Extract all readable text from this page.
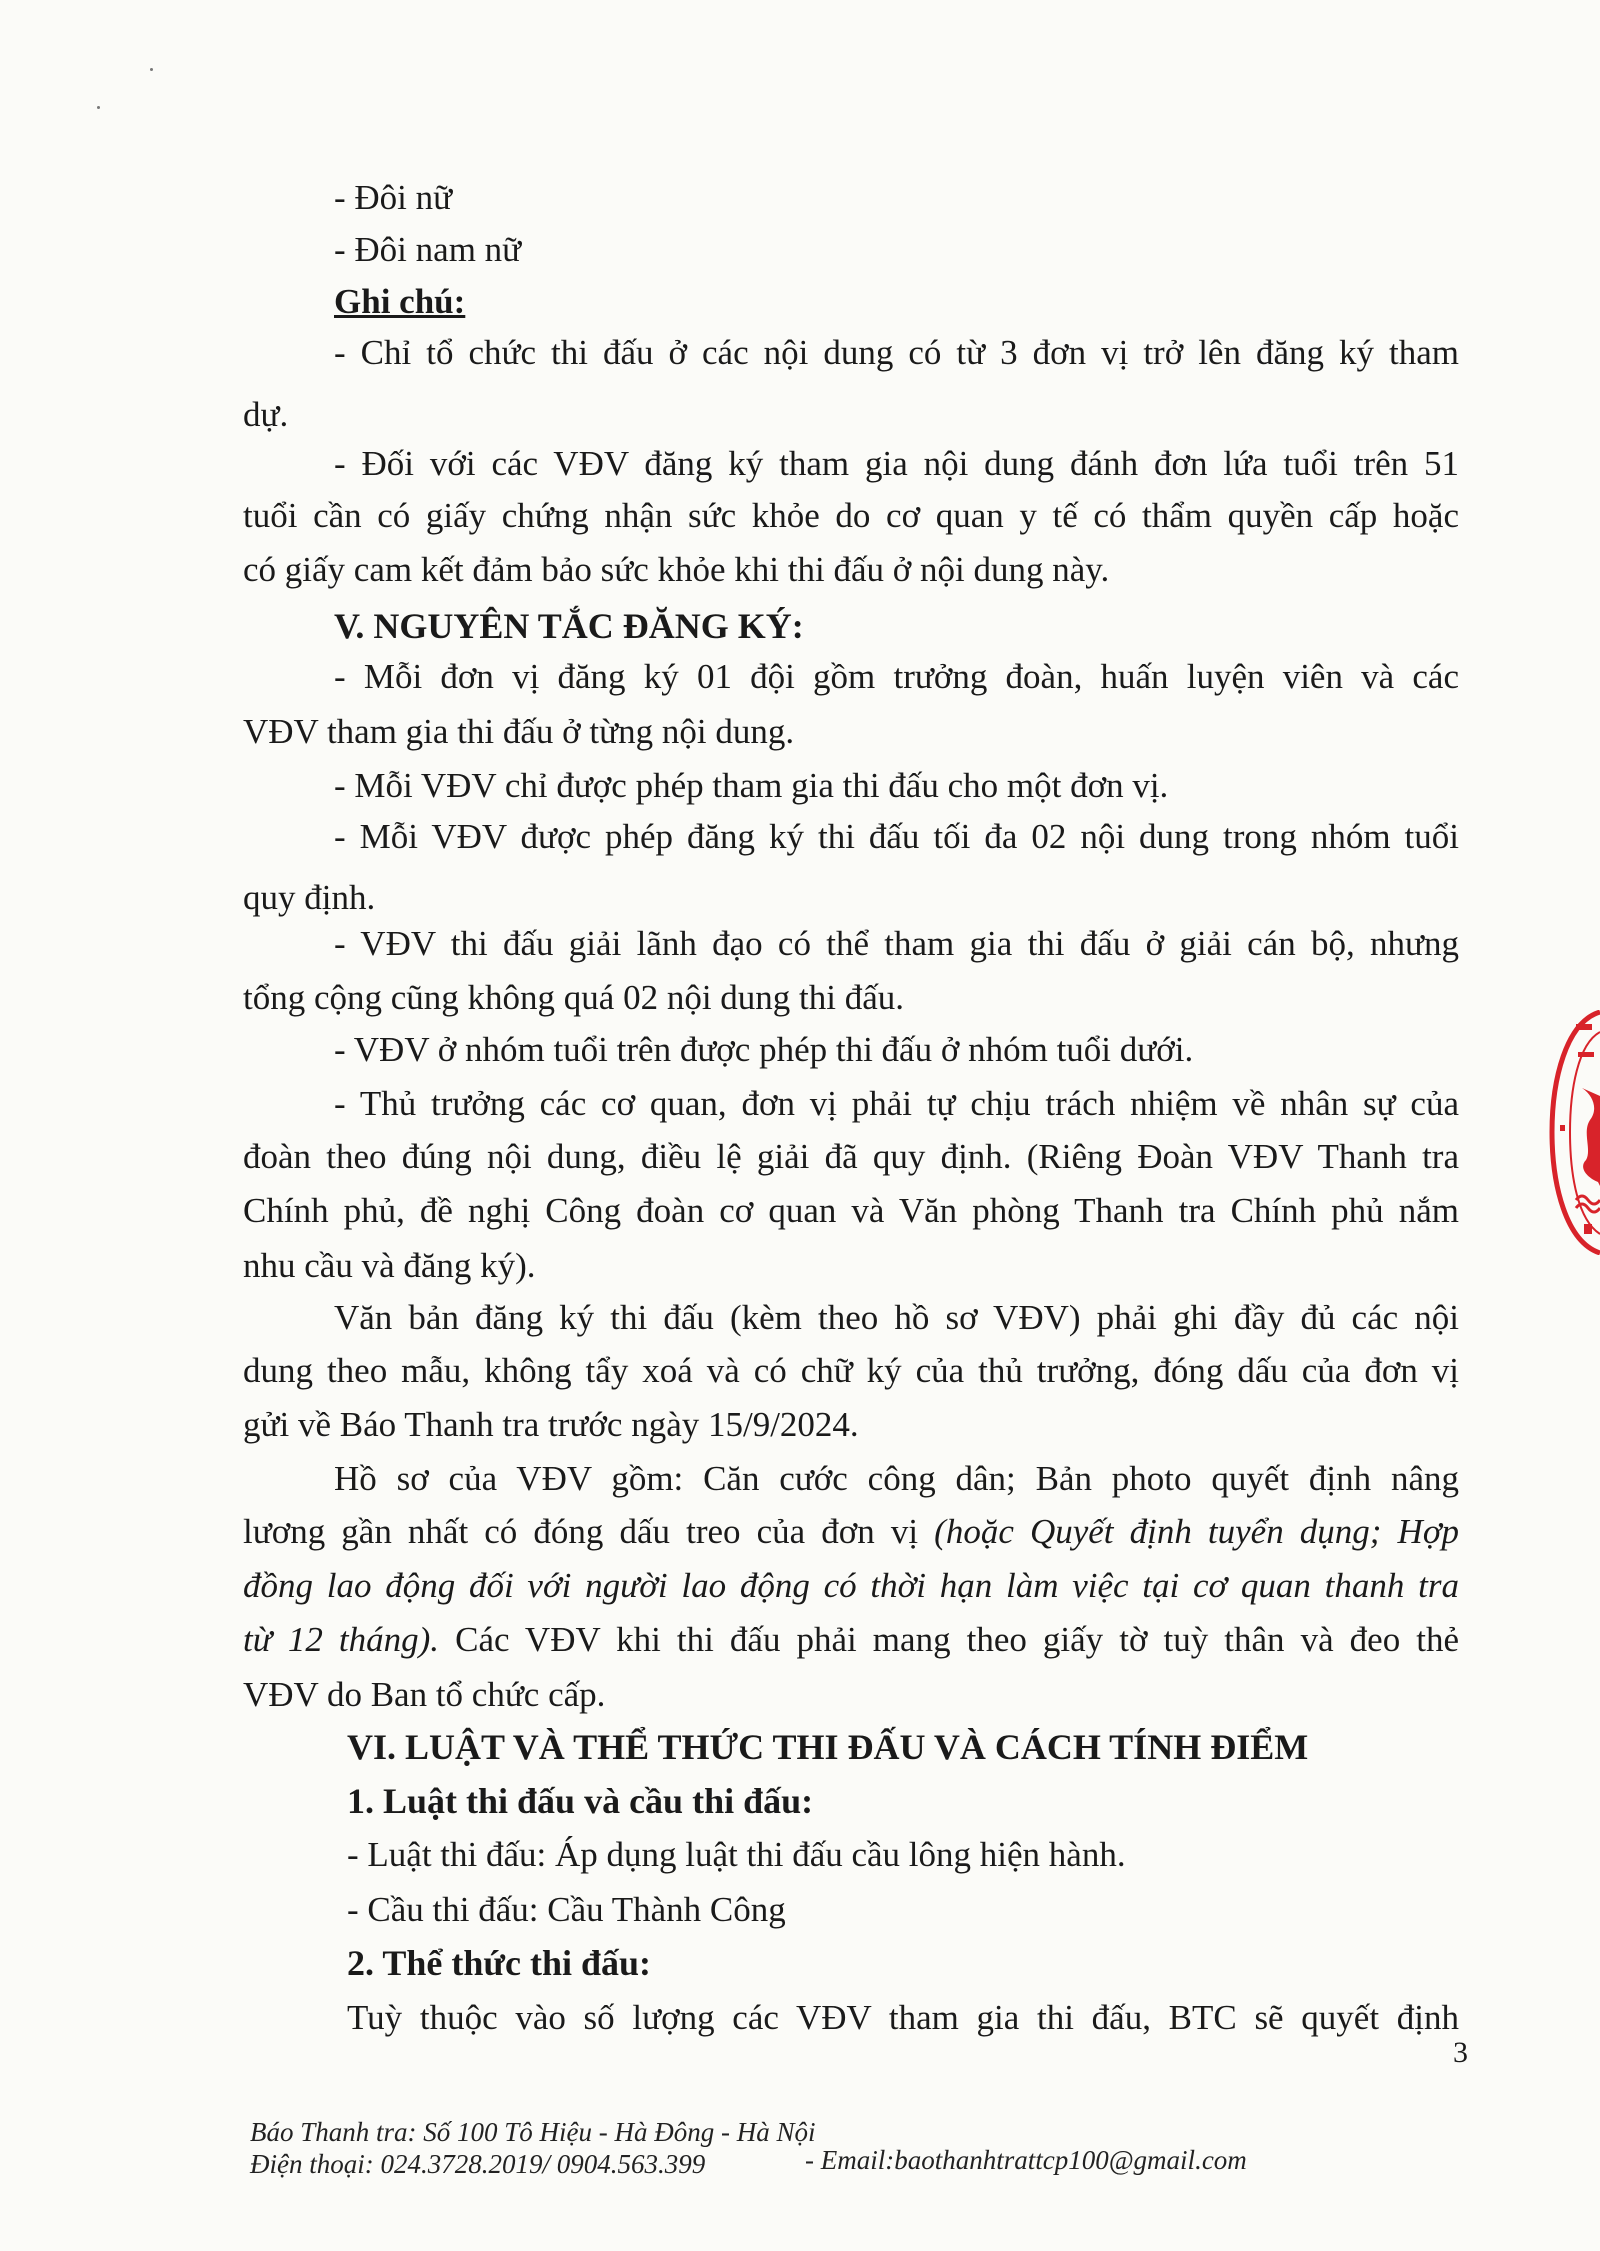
- Đôi nữ
- Đôi nam nữ
Ghi chú:
- Chỉ tổ chức thi đấu ở các nội dung có từ 3 đơn vị trở lên đăng ký tham
dự.
- Đối với các VĐV đăng ký tham gia nội dung đánh đơn lứa tuổi trên 51
tuổi cần có giấy chứng nhận sức khỏe do cơ quan y tế có thẩm quyền cấp hoặc
có giấy cam kết đảm bảo sức khỏe khi thi đấu ở nội dung này.
V. NGUYÊN TẮC ĐĂNG KÝ:
- Mỗi đơn vị đăng ký 01 đội gồm trưởng đoàn, huấn luyện viên và các
VĐV tham gia thi đấu ở từng nội dung.
- Mỗi VĐV chỉ được phép tham gia thi đấu cho một đơn vị.
- Mỗi VĐV được phép đăng ký thi đấu tối đa 02 nội dung trong nhóm tuổi
quy định.
- VĐV thi đấu giải lãnh đạo có thể tham gia thi đấu ở giải cán bộ, nhưng
tổng cộng cũng không quá 02 nội dung thi đấu.
- VĐV ở nhóm tuổi trên được phép thi đấu ở nhóm tuổi dưới.
- Thủ trưởng các cơ quan, đơn vị phải tự chịu trách nhiệm về nhân sự của
đoàn theo đúng nội dung, điều lệ giải đã quy định. (Riêng Đoàn VĐV Thanh tra
Chính phủ, đề nghị Công đoàn cơ quan và Văn phòng Thanh tra Chính phủ nắm
nhu cầu và đăng ký).
Văn bản đăng ký thi đấu (kèm theo hồ sơ VĐV) phải ghi đầy đủ các nội
dung theo mẫu, không tẩy xoá và có chữ ký của thủ trưởng, đóng dấu của đơn vị
gửi về Báo Thanh tra trước ngày 15/9/2024.
Hồ sơ của VĐV gồm: Căn cước công dân; Bản photo quyết định nâng
lương gần nhất có đóng dấu treo của đơn vị (hoặc Quyết định tuyển dụng; Hợp
đồng lao động đối với người lao động có thời hạn làm việc tại cơ quan thanh tra
từ 12 tháng). Các VĐV khi thi đấu phải mang theo giấy tờ tuỳ thân và đeo thẻ
VĐV do Ban tổ chức cấp.
VI. LUẬT VÀ THỂ THỨC THI ĐẤU VÀ CÁCH TÍNH ĐIỂM
1. Luật thi đấu và cầu thi đấu:
- Luật thi đấu: Áp dụng luật thi đấu cầu lông hiện hành.
- Cầu thi đấu: Cầu Thành Công
2. Thể thức thi đấu:
Tuỳ thuộc vào số lượng các VĐV tham gia thi đấu, BTC sẽ quyết định
3
Báo Thanh tra: Số 100 Tô Hiệu - Hà Đông - Hà Nội
Điện thoại: 024.3728.2019/ 0904.563.399	- Email:baothanhtrattcp100@gmail.com
